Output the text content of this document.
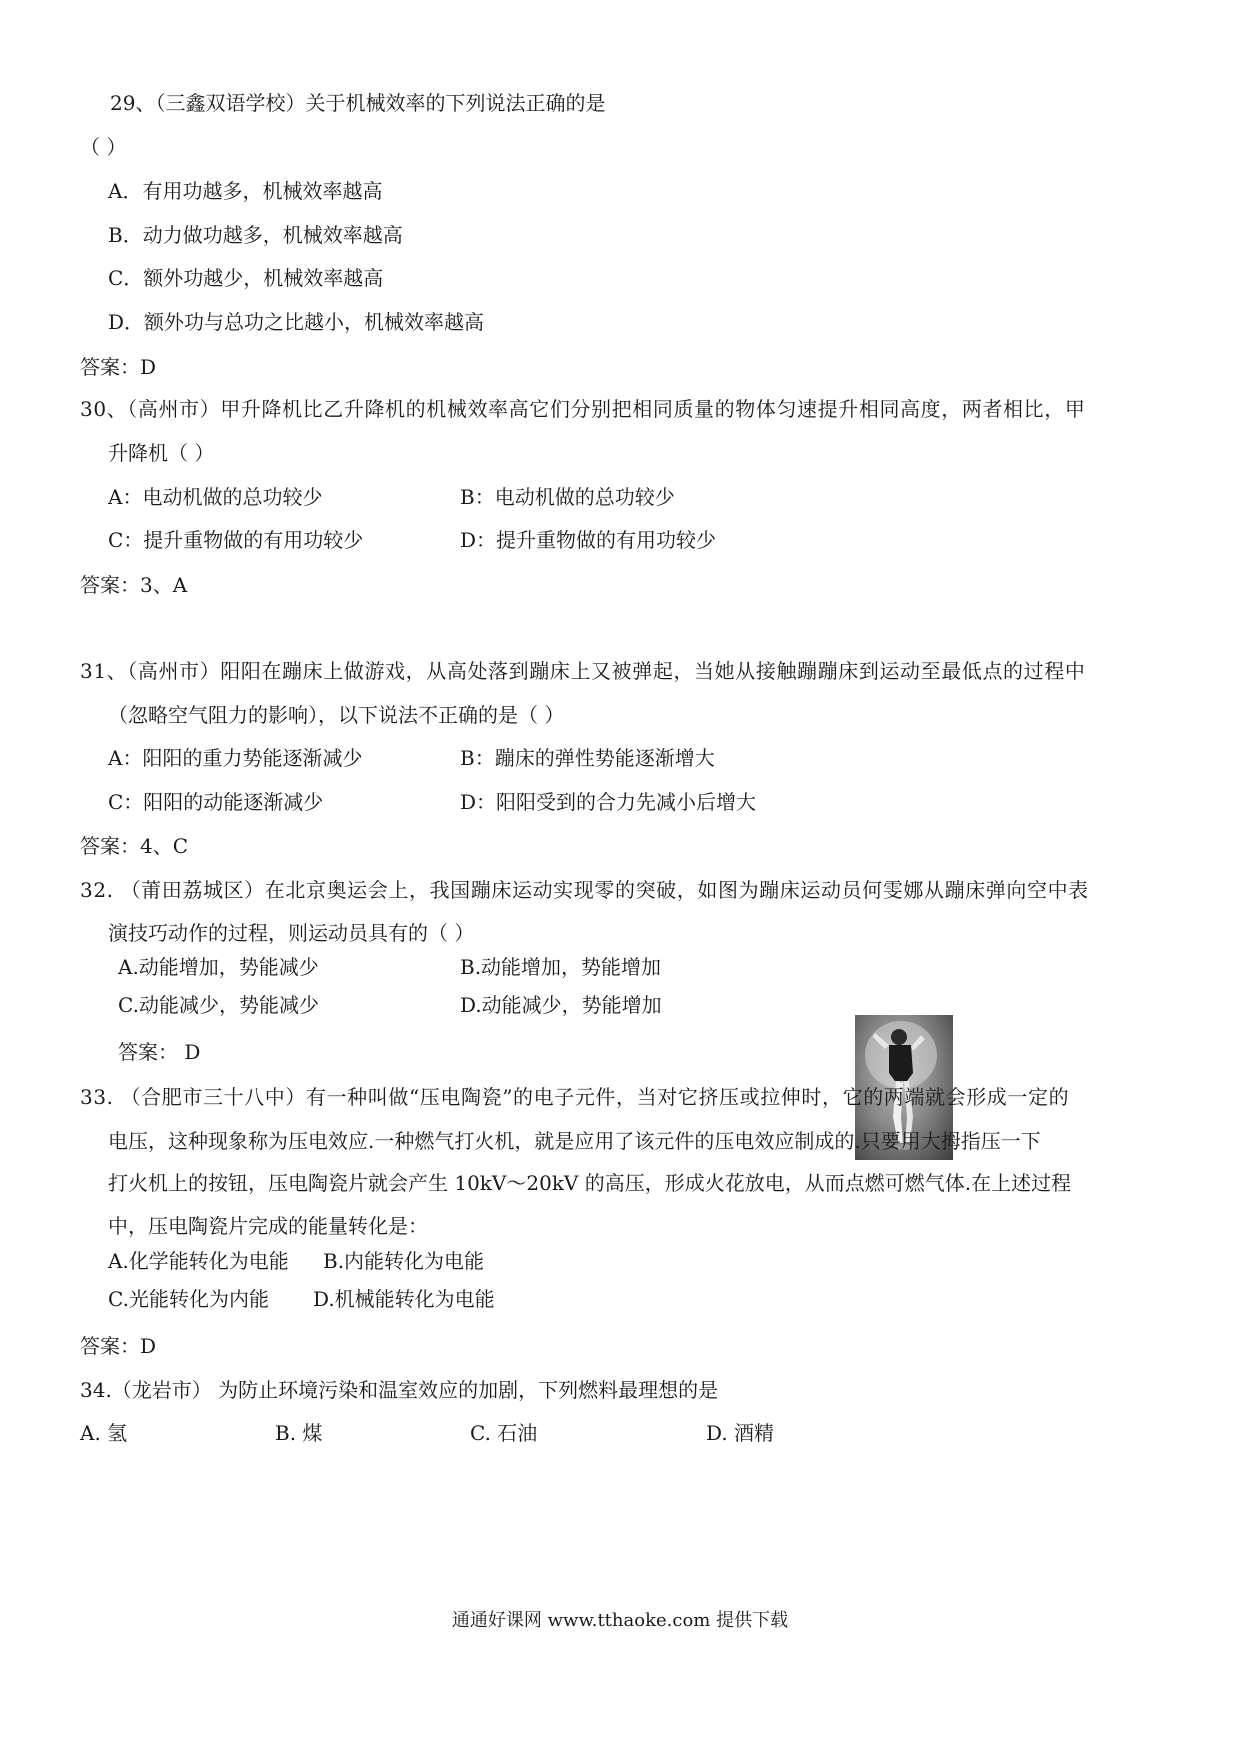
29、（三鑫双语学校）关于机械效率的下列说法正确的是
（ ）
A．有用功越多，机械效率越高
B．动力做功越多，机械效率越高
C．额外功越少，机械效率越高
D．额外功与总功之比越小，机械效率越高
答案：D
30、（高州市）甲升降机比乙升降机的机械效率高它们分别把相同质量的物体匀速提升相同高度，两者相比，甲
升降机（ ）
A：电动机做的总功较少	B：电动机做的总功较少
C：提升重物做的有用功较少	D：提升重物做的有用功较少
答案：3、A
31、（高州市）阳阳在蹦床上做游戏，从高处落到蹦床上又被弹起，当她从接触蹦蹦床到运动至最低点的过程中
（忽略空气阻力的影响），以下说法不正确的是（ ）
A：阳阳的重力势能逐渐减少	B：蹦床的弹性势能逐渐增大
C：阳阳的动能逐渐减少	D：阳阳受到的合力先减小后增大
答案：4、C
32. （莆田荔城区）在北京奥运会上，我国蹦床运动实现零的突破，如图为蹦床运动员何雯娜从蹦床弹向空中表
演技巧动作的过程，则运动员具有的（ ）
A.动能增加，势能减少	B.动能增加，势能增加
C.动能减少，势能减少	D.动能减少，势能增加
答案： D
33. （合肥市三十八中）有一种叫做“压电陶瓷”的电子元件，当对它挤压或拉伸时，它的两端就会形成一定的
电压，这种现象称为压电效应.一种燃气打火机，就是应用了该元件的压电效应制成的.只要用大拇指压一下
打火机上的按钮，压电陶瓷片就会产生 10kV～20kV 的高压，形成火花放电，从而点燃可燃气体.在上述过程
中，压电陶瓷片完成的能量转化是：
A.化学能转化为电能 B.内能转化为电能
C.光能转化为内能 D.机械能转化为电能
答案：D
34.（龙岩市） 为防止环境污染和温室效应的加剧，下列燃料最理想的是
A. 氢	B. 煤	C. 石油	D. 酒精
通通好课网 www.tthaoke.com 提供下载
